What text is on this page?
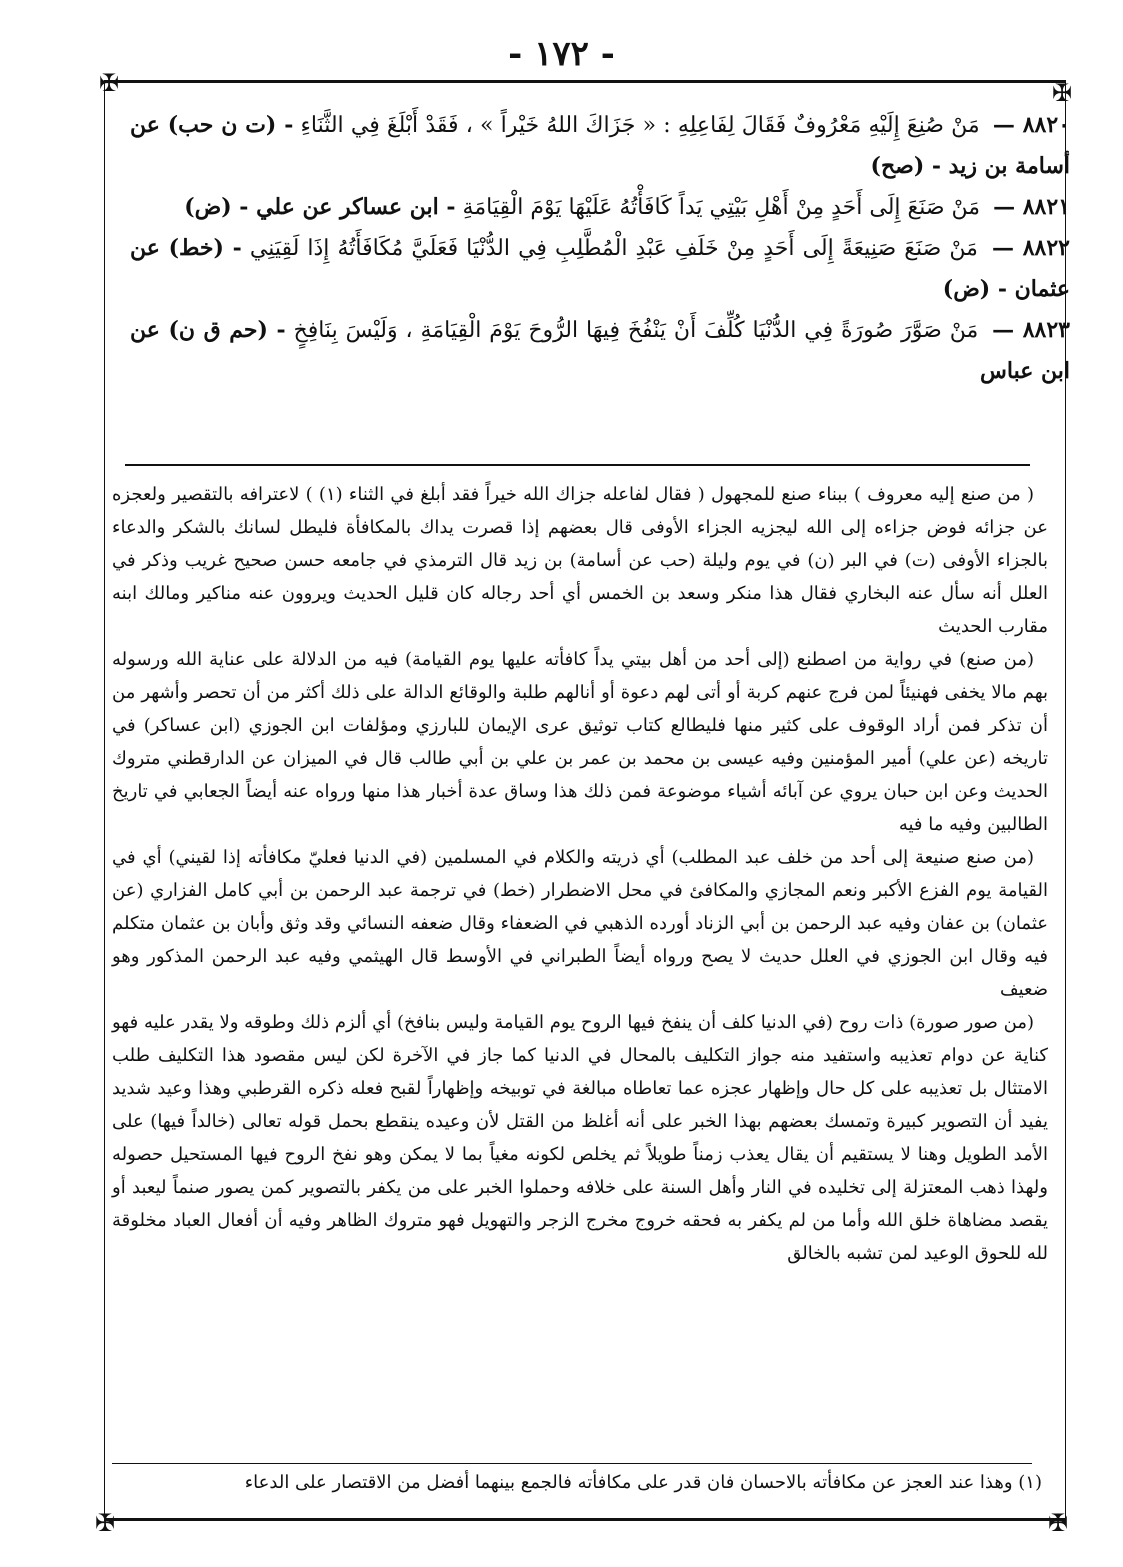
- ١٧٢ -
✠	✠
✠	✠

٨٨٢٠ — مَنْ صُنِعَ إِلَيْهِ مَعْرُوفٌ فَقَالَ لِفَاعِلِهِ : « جَزَاكَ اللهُ خَيْراً » ، فَقَدْ أَبْلَغَ فِي الثَّنَاءِ - (ت ن حب) عن أسامة بن زيد - (صح)

٨٨٢١ — مَنْ صَنَعَ إِلَى أَحَدٍ مِنْ أَهْلِ بَيْتِي يَداً كَافَأْتُهُ عَلَيْهَا يَوْمَ الْقِيَامَةِ - ابن عساكر عن علي - (ض)

٨٨٢٢ — مَنْ صَنَعَ صَنِيعَةً إِلَى أَحَدٍ مِنْ خَلَفِ عَبْدِ الْمُطَّلِبِ فِي الدُّنْيَا فَعَلَيَّ مُكَافَأَتُهُ إِذَا لَقِيَنِي - (خط) عن عثمان - (ض)

٨٨٢٣ — مَنْ صَوَّرَ صُورَةً فِي الدُّنْيَا كُلِّفَ أَنْ يَنْفُخَ فِيهَا الرُّوحَ يَوْمَ الْقِيَامَةِ ، وَلَيْسَ بِنَافِخٍ - (حم ق ن) عن ابن عباس

( من صنع إليه معروف ) ببناء صنع للمجهول ( فقال لفاعله جزاك الله خيراً فقد أبلغ في الثناء (١) ) لاعترافه بالتقصير ولعجزه عن جزائه فوض جزاءه إلى الله ليجزيه الجزاء الأوفى قال بعضهم إذا قصرت يداك بالمكافأة فليطل لسانك بالشكر والدعاء بالجزاء الأوفى (ت) في البر (ن) في يوم وليلة (حب عن أسامة) بن زيد قال الترمذي في جامعه حسن صحيح غريب وذكر في العلل أنه سأل عنه البخاري فقال هذا منكر وسعد بن الخمس أي أحد رجاله كان قليل الحديث ويروون عنه مناكير ومالك ابنه مقارب الحديث

(من صنع) في رواية من اصطنع (إلى أحد من أهل بيتي يداً كافأته عليها يوم القيامة) فيه من الدلالة على عناية الله ورسوله بهم مالا يخفى فهنيئاً لمن فرج عنهم كربة أو أتى لهم دعوة أو أنالهم طلبة والوقائع الدالة على ذلك أكثر من أن تحصر وأشهر من أن تذكر فمن أراد الوقوف على كثير منها فليطالع كتاب توثيق عرى الإيمان للبارزي ومؤلفات ابن الجوزي (ابن عساكر) في تاريخه (عن علي) أمير المؤمنين وفيه عيسى بن محمد بن عمر بن علي بن أبي طالب قال في الميزان عن الدارقطني متروك الحديث وعن ابن حبان يروي عن آبائه أشياء موضوعة فمن ذلك هذا وساق عدة أخبار هذا منها ورواه عنه أيضاً الجعابي في تاريخ الطالبين وفيه ما فيه

(من صنع صنيعة إلى أحد من خلف عبد المطلب) أي ذريته والكلام في المسلمين (في الدنيا فعليّ مكافأته إذا لقيني) أي في القيامة يوم الفزع الأكبر ونعم المجازي والمكافئ في محل الاضطرار (خط) في ترجمة عبد الرحمن بن أبي كامل الفزاري (عن عثمان) بن عفان وفيه عبد الرحمن بن أبي الزناد أورده الذهبي في الضعفاء وقال ضعفه النسائي وقد وثق وأبان بن عثمان متكلم فيه وقال ابن الجوزي في العلل حديث لا يصح ورواه أيضاً الطبراني في الأوسط قال الهيثمي وفيه عبد الرحمن المذكور وهو ضعيف

(من صور صورة) ذات روح (في الدنيا كلف أن ينفخ فيها الروح يوم القيامة وليس بنافخ) أي ألزم ذلك وطوقه ولا يقدر عليه فهو كناية عن دوام تعذيبه واستفيد منه جواز التكليف بالمحال في الدنيا كما جاز في الآخرة لكن ليس مقصود هذا التكليف طلب الامتثال بل تعذيبه على كل حال وإظهار عجزه عما تعاطاه مبالغة في توبيخه وإظهاراً لقبح فعله ذكره القرطبي وهذا وعيد شديد يفيد أن التصوير كبيرة وتمسك بعضهم بهذا الخبر على أنه أغلظ من القتل لأن وعيده ينقطع بحمل قوله تعالى (خالداً فيها) على الأمد الطويل وهنا لا يستقيم أن يقال يعذب زمناً طويلاً ثم يخلص لكونه مغياً بما لا يمكن وهو نفخ الروح فيها المستحيل حصوله ولهذا ذهب المعتزلة إلى تخليده في النار وأهل السنة على خلافه وحملوا الخبر على من يكفر بالتصوير كمن يصور صنماً ليعبد أو يقصد مضاهاة خلق الله وأما من لم يكفر به فحقه خروج مخرج الزجر والتهويل فهو متروك الظاهر وفيه أن أفعال العباد مخلوقة لله للحوق الوعيد لمن تشبه بالخالق

(١) وهذا عند العجز عن مكافأته بالاحسان فان قدر على مكافأته فالجمع بينهما أفضل من الاقتصار على الدعاء
